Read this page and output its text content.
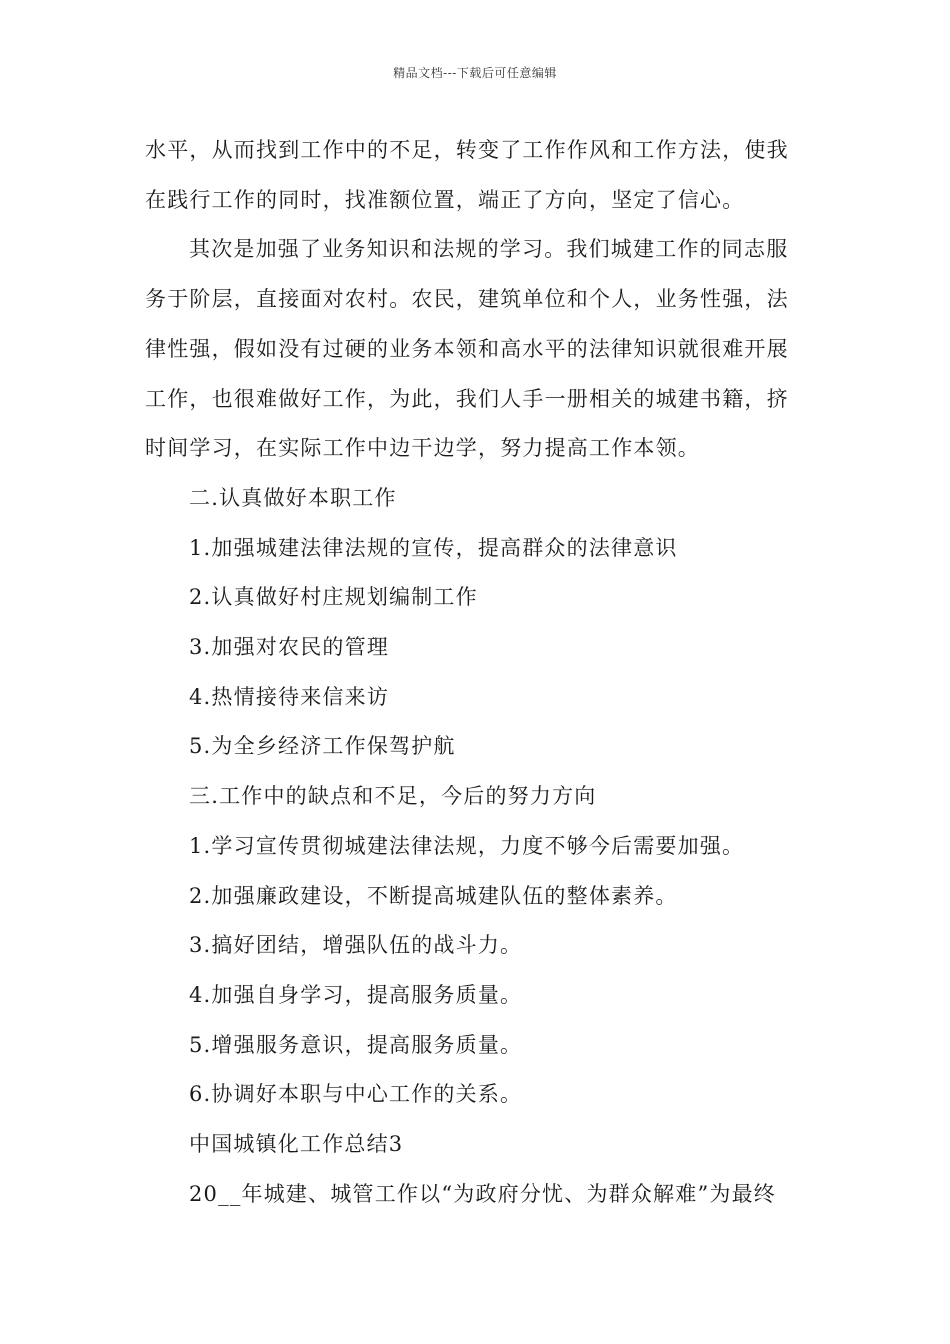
精品文档---下载后可任意编辑

水平，从而找到工作中的不足，转变了工作作风和工作方法，使我

在践行工作的同时，找准额位置，端正了方向，坚定了信心。

其次是加强了业务知识和法规的学习。我们城建工作的同志服

务于阶层，直接面对农村。农民，建筑单位和个人，业务性强，法

律性强，假如没有过硬的业务本领和高水平的法律知识就很难开展

工作，也很难做好工作，为此，我们人手一册相关的城建书籍，挤

时间学习，在实际工作中边干边学，努力提高工作本领。

二.认真做好本职工作

1.加强城建法律法规的宣传，提高群众的法律意识

2.认真做好村庄规划编制工作

3.加强对农民的管理

4.热情接待来信来访

5.为全乡经济工作保驾护航

三.工作中的缺点和不足，今后的努力方向

1.学习宣传贯彻城建法律法规，力度不够今后需要加强。

2.加强廉政建设，不断提高城建队伍的整体素养。

3.搞好团结，增强队伍的战斗力。

4.加强自身学习，提高服务质量。

5.增强服务意识，提高服务质量。

6.协调好本职与中心工作的关系。

中国城镇化工作总结3

20__年城建、城管工作以“为政府分忧、为群众解难”为最终
